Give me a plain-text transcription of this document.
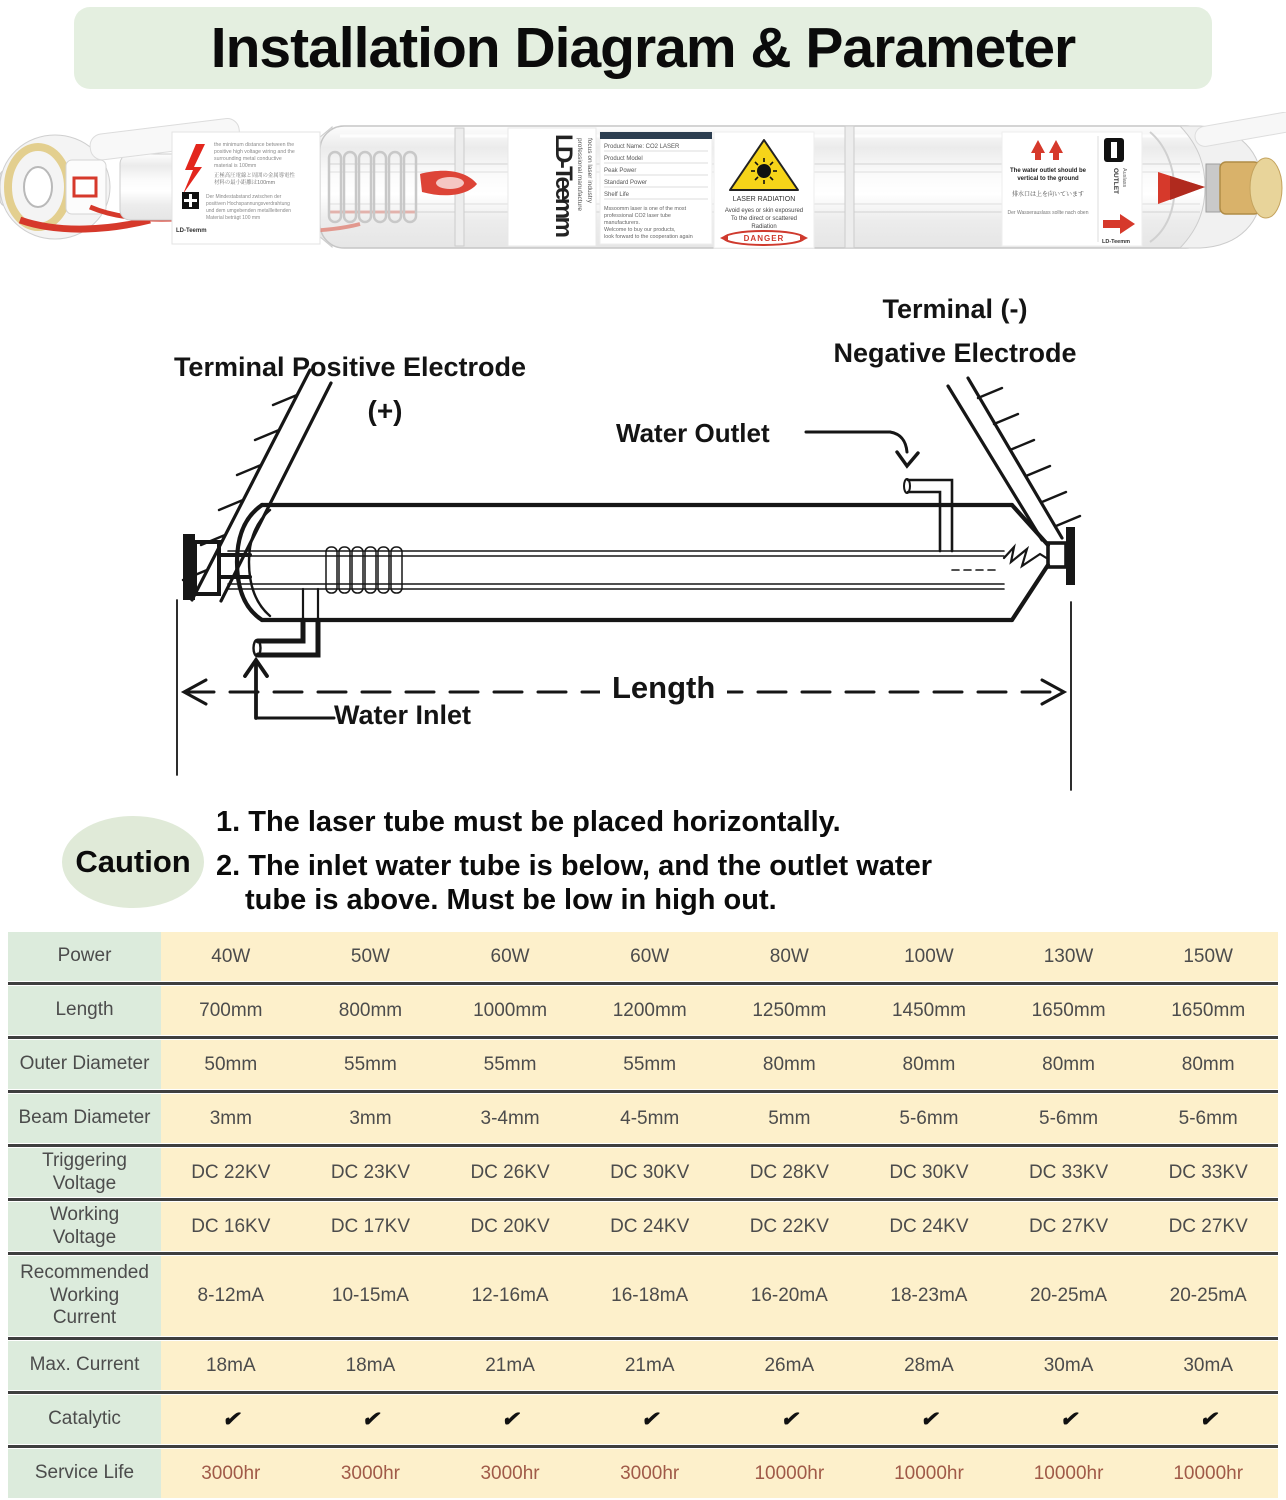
Installation Diagram & Parameter
the minimum distance between the
positive high voltage wiring and the
surrounding metal conductive
material is 100mm
正極高圧電線と周囲の金属導電性
材料の最小距離は100mm
Der Mindestabstand zwischen der
positiven Hochspannungsverdrahtung
und dem umgebenden metallleitenden
Material beträgt 100 mm
LD-Teemm
LD-Teemm
professional manufacture focus on laser industry Product Name: CO2 LASER
Product Model
Peak Power
Standard Power
Shelf Life
Mssoomm laser is one of the most
professional CO2 laser tube
manufacturers.
Welcome to buy our products,
look forward to the cooperation again
LASER RADIATION
Avoid eyes or skin exposured
To the direct or scattered
Radiation
DANGER
The water outlet should be
vertical to the ground
排水口は上を向いています
Der Wasserauslass sollte nach oben
OUTLET Auslass
LD-Teemm
Terminal Positive Electrode
(+)
Terminal (-)
Negative Electrode
Water Outlet
Length
Water Inlet
Caution
1. The laser tube must be placed horizontally.
2. The inlet water tube is below, and the outlet water
tube is above. Must be low in high out.
Power	40W	50W	60W	60W	80W	100W	130W	150W
Length	700mm	800mm	1000mm	1200mm	1250mm	1450mm	1650mm	1650mm
Outer Diameter	50mm	55mm	55mm	55mm	80mm	80mm	80mm	80mm
Beam Diameter	3mm	3mm	3-4mm	4-5mm	5mm	5-6mm	5-6mm	5-6mm
Triggering Voltage
DC 22KV	DC 23KV	DC 26KV	DC 30KV	DC 28KV	DC 30KV	DC 33KV	DC 33KV
Working Voltage
DC 16KV	DC 17KV	DC 20KV	DC 24KV	DC 22KV	DC 24KV	DC 27KV	DC 27KV
Recommended Working Current
8-12mA	10-15mA	12-16mA	16-18mA	16-20mA	18-23mA	20-25mA	20-25mA
Max. Current	18mA	18mA	21mA	21mA	26mA	28mA	30mA	30mA
Catalytic	✔	✔	✔	✔	✔	✔	✔	✔
Service Life	3000hr	3000hr	3000hr	3000hr	10000hr	10000hr	10000hr	10000hr
